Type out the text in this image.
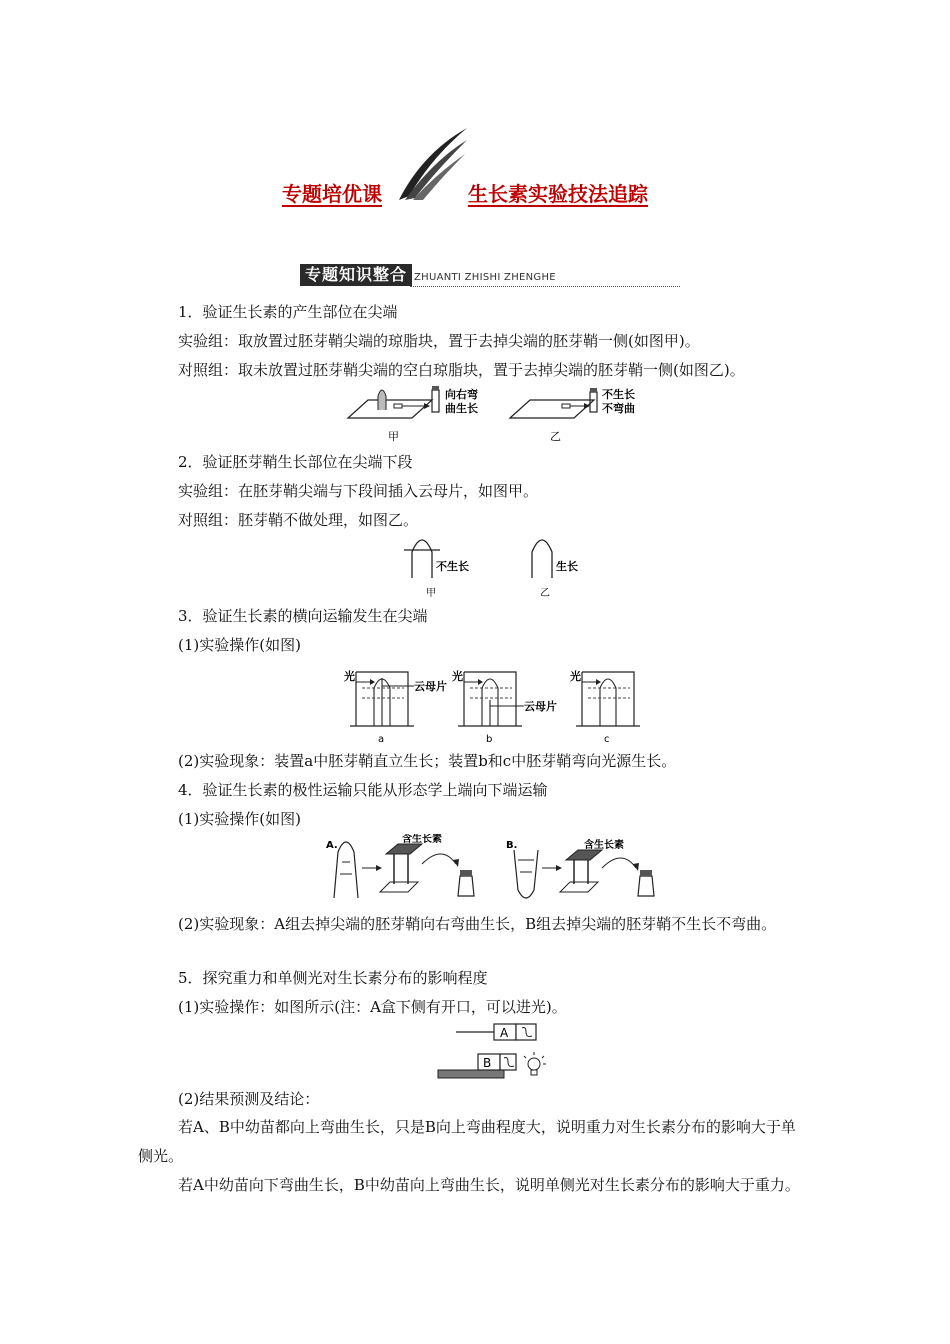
专题培优课	生长素实验技法追踪
专题知识整合 ZHUANTI ZHISHI ZHENGHE
1．验证生长素的产生部位在尖端
实验组：取放置过胚芽鞘尖端的琼脂块，置于去掉尖端的胚芽鞘一侧(如图甲)。
对照组：取未放置过胚芽鞘尖端的空白琼脂块，置于去掉尖端的胚芽鞘一侧(如图乙)。
向右弯
曲生长
甲
不生长
不弯曲
乙
2．验证胚芽鞘生长部位在尖端下段
实验组：在胚芽鞘尖端与下段间插入云母片，如图甲。
对照组：胚芽鞘不做处理，如图乙。
不生长
甲
生长
乙
3．验证生长素的横向运输发生在尖端
(1)实验操作(如图)
光
云母片
a
光
云母片
b
光
c
(2)实验现象：装置a中胚芽鞘直立生长；装置b和c中胚芽鞘弯向光源生长。
4．验证生长素的极性运输只能从形态学上端向下端运输
(1)实验操作(如图)
A.
含生长素
B.	含生长素
(2)实验现象：A组去掉尖端的胚芽鞘向右弯曲生长，B组去掉尖端的胚芽鞘不生长不弯曲。
5．探究重力和单侧光对生长素分布的影响程度
(1)实验操作：如图所示(注：A盒下侧有开口，可以进光)。
A
B
(2)结果预测及结论：
若A、B中幼苗都向上弯曲生长，只是B向上弯曲程度大，说明重力对生长素分布的影响大于单侧光。
若A中幼苗向下弯曲生长，B中幼苗向上弯曲生长，说明单侧光对生长素分布的影响大于重力。
